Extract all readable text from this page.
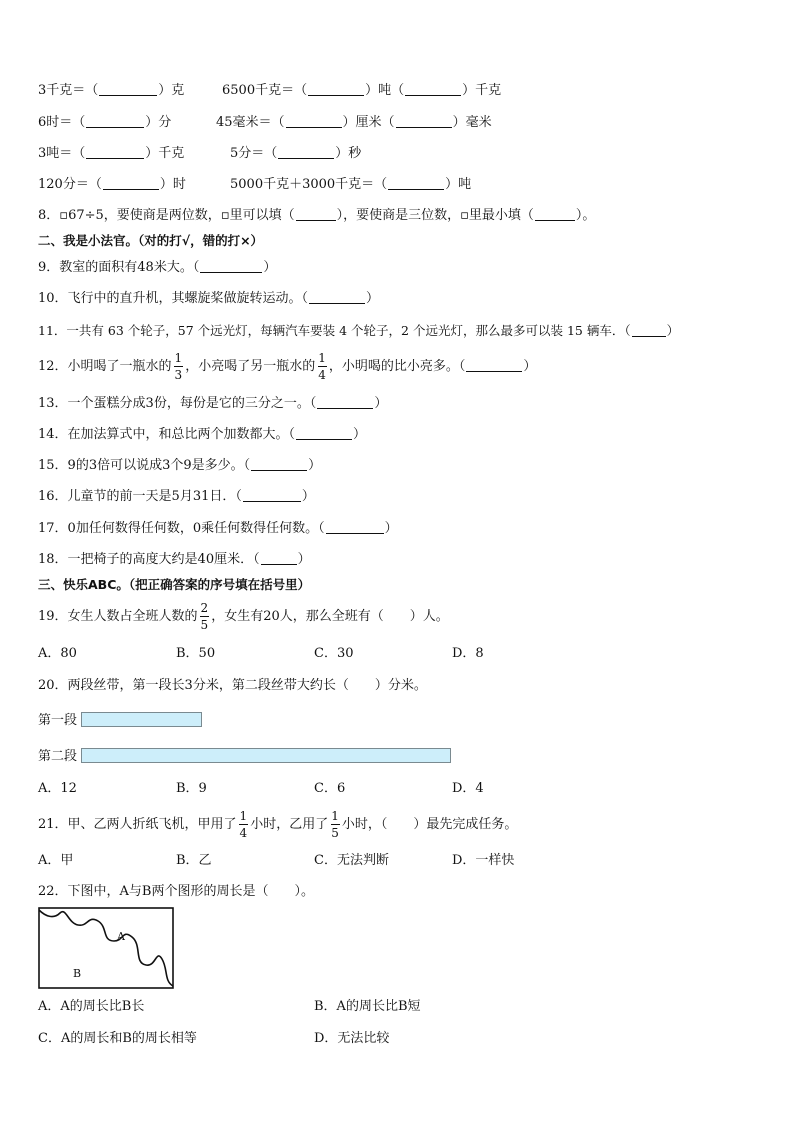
3千克＝（	）克	6500千克＝（	）吨（	）千克
6时＝（	）分	45毫米＝（	）厘米（	）毫米
3吨＝（	）千克	5分＝（	）秒
120分＝（	）时	5000千克＋3000千克＝（	）吨
8．▫67÷5，要使商是两位数，▫里可以填（	），要使商是三位数，▫里最小填（	）。
二、我是小法官。（对的打√，错的打×）
9．教室的面积有48米大。（	）
10．飞行中的直升机，其螺旋桨做旋转运动。（	）
11．一共有 63 个轮子，57 个远光灯，每辆汽车要装 4 个轮子，2 个远光灯，那么最多可以装 15 辆车．（	）
12．小明喝了一瓶水的 $\frac{1}{3}$ ，小亮喝了另一瓶水的 $\frac{1}{4}$ ，小明喝的比小亮多。（	）
13．一个蛋糕分成3份，每份是它的三分之一。（	）
14．在加法算式中，和总比两个加数都大。（	）
15．9的3倍可以说成3个9是多少。（	）
16．儿童节的前一天是5月31日．（	）
17．0加任何数得任何数，0乘任何数得任何数。（	）
18．一把椅子的高度大约是40厘米．（	）
三、快乐ABC。（把正确答案的序号填在括号里）
19．女生人数占全班人数的 $\frac{2}{5}$ ，女生有20人，那么全班有（　　）人。
A．80	B．50	C．30	D．8
20．两段丝带，第一段长3分米，第二段丝带大约长（　　）分米。
第一段
第二段
A．12	B．9	C．6	D．4
21．甲、乙两人折纸飞机，甲用了 $\frac{1}{4}$ 小时，乙用了 $\frac{1}{5}$ 小时，（　　）最先完成任务。
A．甲	B．乙	C．无法判断	D．一样快
22．下图中，A与B两个图形的周长是（　　）。
A
B
A．A的周长比B长	B．A的周长比B短
C．A的周长和B的周长相等	D．无法比较
